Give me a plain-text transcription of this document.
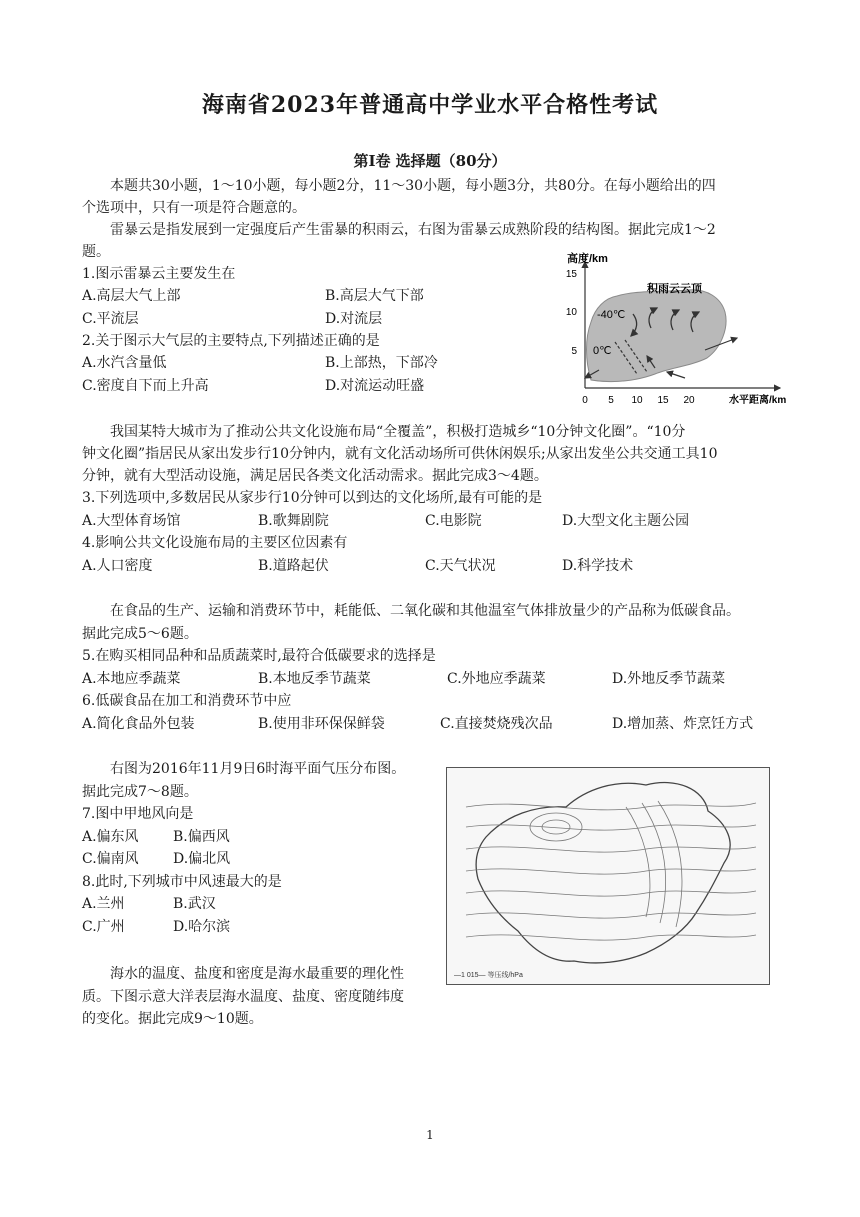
海南省2023年普通高中学业水平合格性考试
第Ⅰ卷 选择题（80分）
本题共30小题，1～10小题，每小题2分，11～30小题，每小题3分，共80分。在每小题给出的四
个选项中，只有一项是符合题意的。
雷暴云是指发展到一定强度后产生雷暴的积雨云，右图为雷暴云成熟阶段的结构图。据此完成1～2
题。
1.图示雷暴云主要发生在
A.高层大气上部	B.高层大气下部
C.平流层	D.对流层
2.关于图示大气层的主要特点,下列描述正确的是
A.水汽含量低	B.上部热，下部冷
C.密度自下而上升高	D.对流运动旺盛
15
10
5
0 5 10 15 20
高度/km
水平距离/km
积雨云云顶
-40℃
0℃
我国某特大城市为了推动公共文化设施布局“全覆盖”，积极打造城乡“10分钟文化圈”。“10分
钟文化圈”指居民从家出发步行10分钟内，就有文化活动场所可供休闲娱乐;从家出发坐公共交通工具10
分钟，就有大型活动设施，满足居民各类文化活动需求。据此完成3～4题。
3.下列选项中,多数居民从家步行10分钟可以到达的文化场所,最有可能的是
A.大型体育场馆	B.歌舞剧院	C.电影院	D.大型文化主题公园
4.影响公共文化设施布局的主要区位因素有
A.人口密度	B.道路起伏	C.天气状况	D.科学技术
在食品的生产、运输和消费环节中，耗能低、二氧化碳和其他温室气体排放量少的产品称为低碳食品。
据此完成5～6题。
5.在购买相同品种和品质蔬菜时,最符合低碳要求的选择是
A.本地应季蔬菜	B.本地反季节蔬菜	C.外地应季蔬菜	D.外地反季节蔬菜
6.低碳食品在加工和消费环节中应
A.简化食品外包装	B.使用非环保保鲜袋	C.直接焚烧残次品	D.增加蒸、炸烹饪方式
右图为2016年11月9日6时海平面气压分布图。
据此完成7～8题。
7.图中甲地风向是
A.偏东风 B.偏西风
C.偏南风 D.偏北风
8.此时,下列城市中风速最大的是
A.兰州	B.武汉
C.广州	D.哈尔滨
—1 015— 等压线/hPa
海水的温度、盐度和密度是海水最重要的理化性
质。下图示意大洋表层海水温度、盐度、密度随纬度
的变化。据此完成9～10题。
1
